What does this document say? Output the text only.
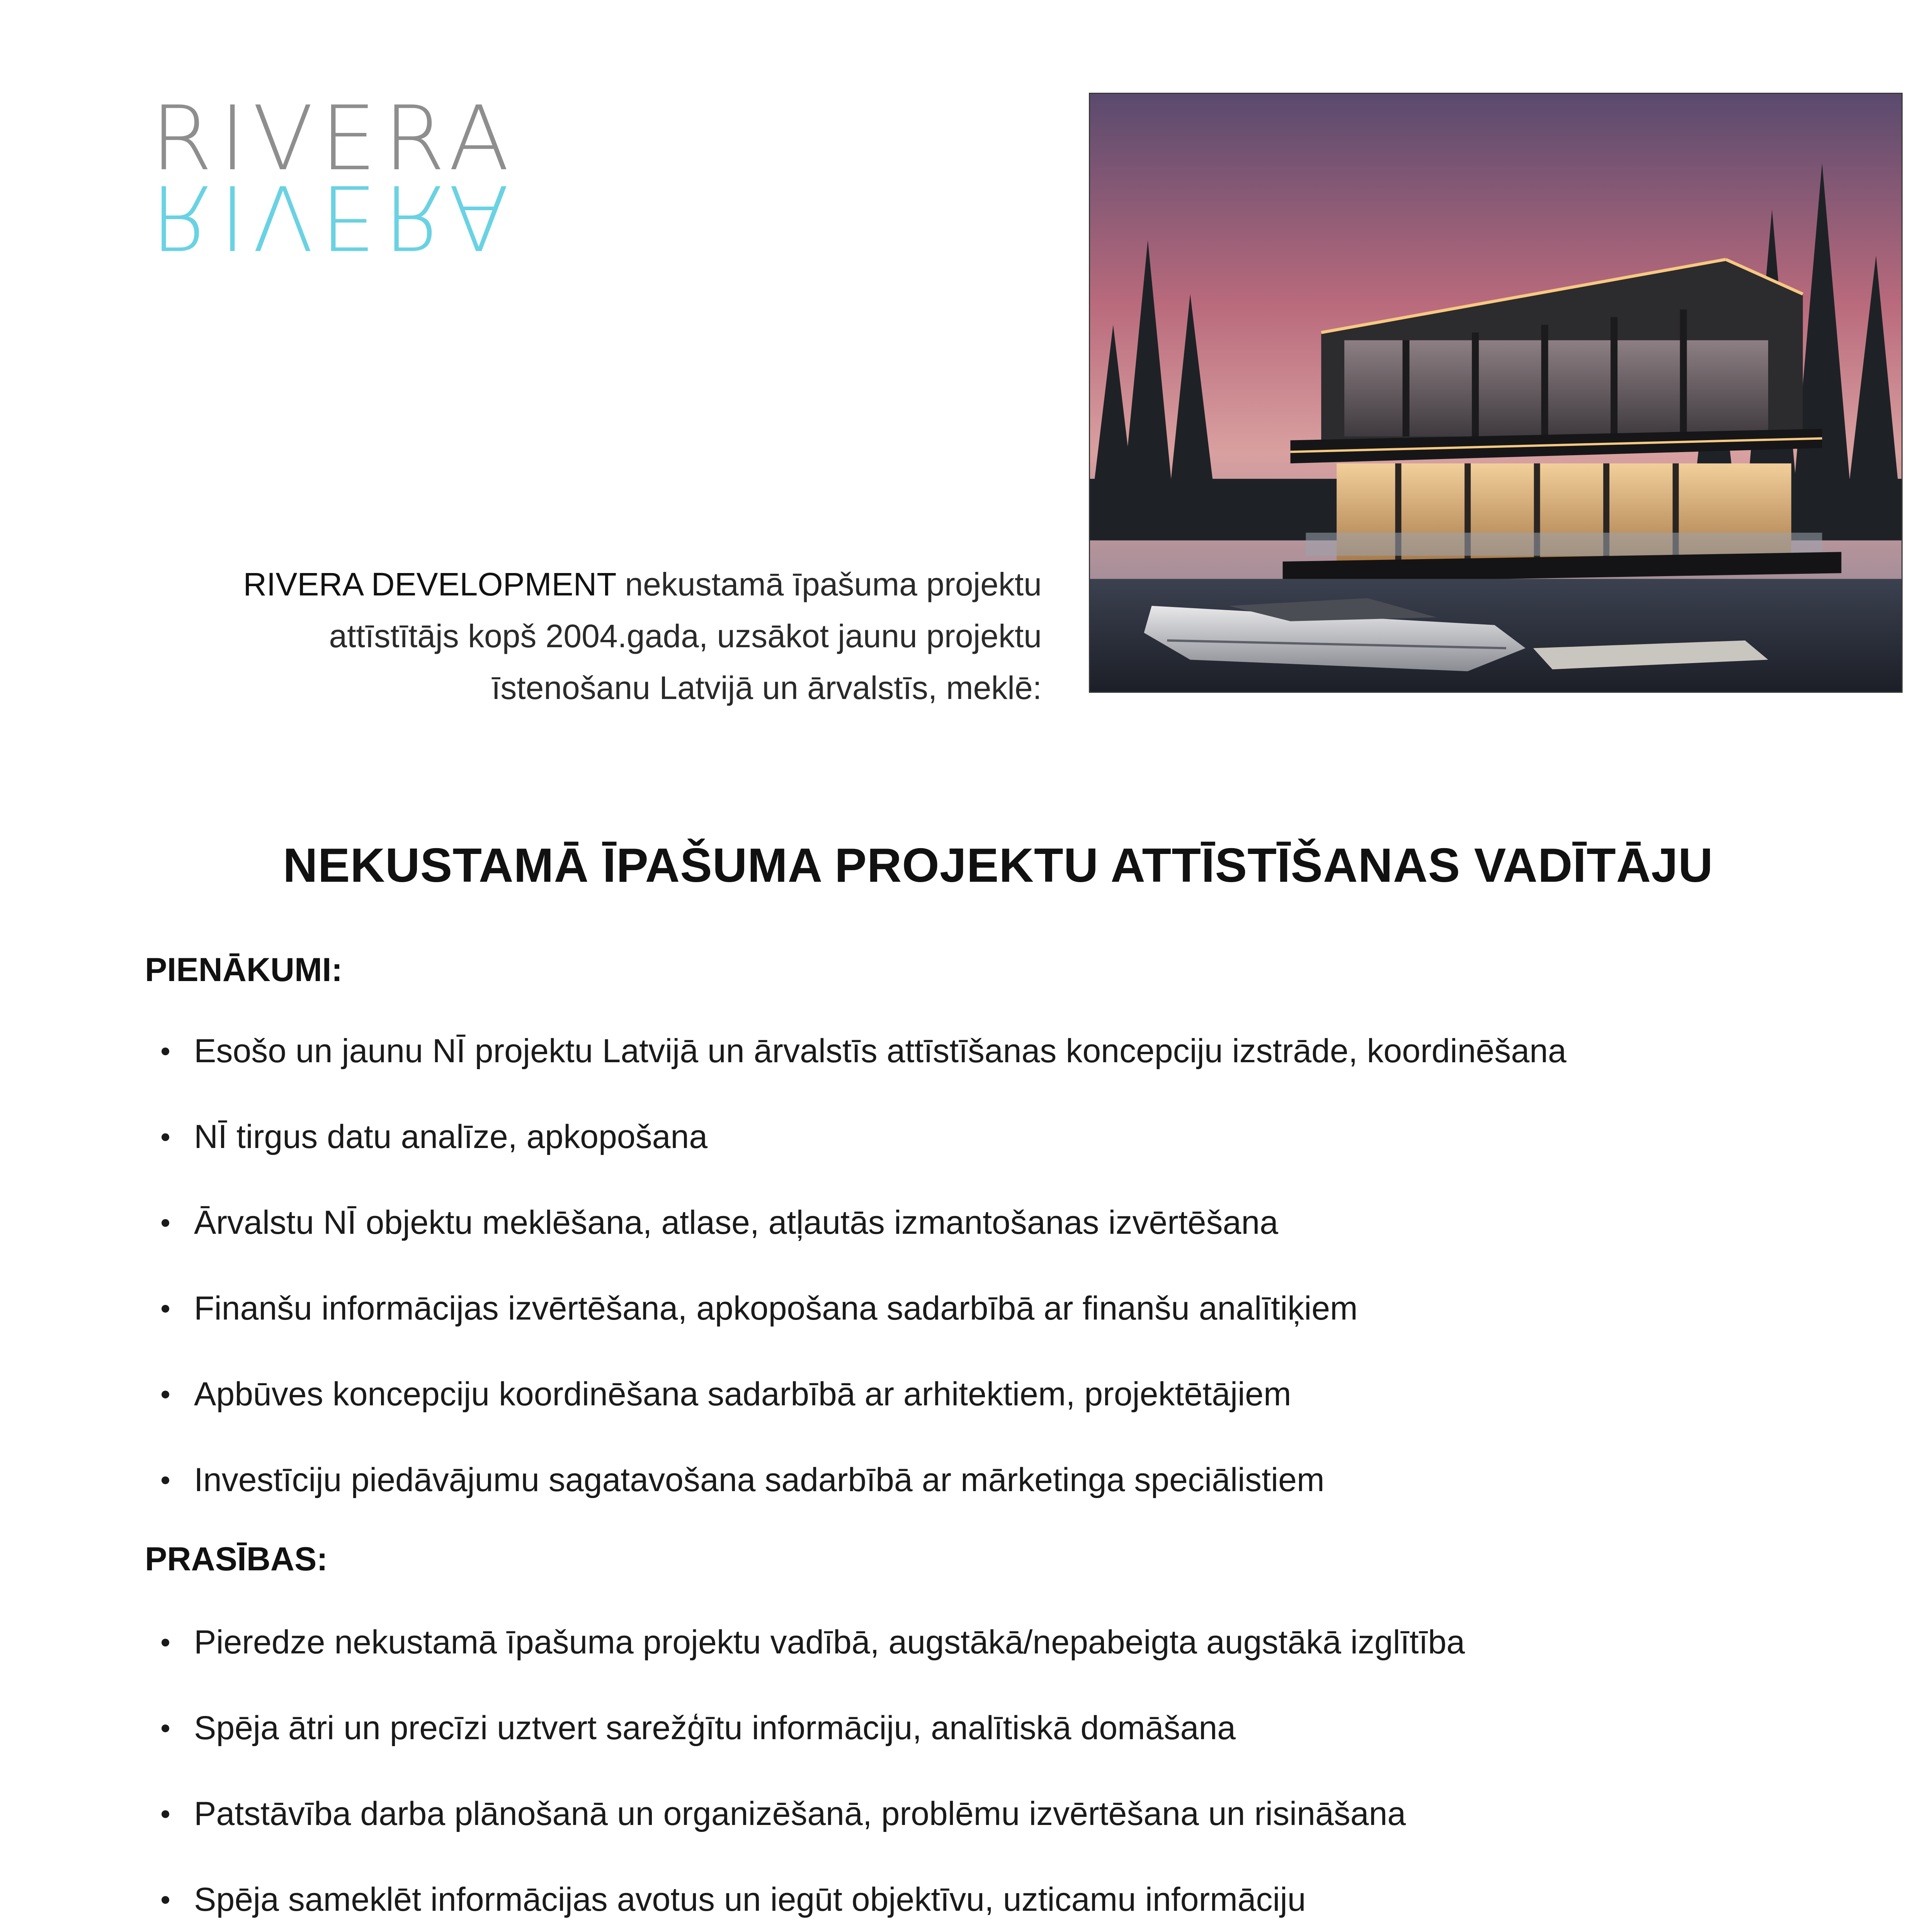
RIVERA
RIVERA
RIVERA DEVELOPMENT nekustamā īpašuma projektu
attīstītājs kopš 2004.gada, uzsākot jaunu projektu
īstenošanu Latvijā un ārvalstīs, meklē:
NEKUSTAMĀ ĪPAŠUMA PROJEKTU ATTĪSTĪŠANAS VADĪTĀJU
PIENĀKUMI:
Esošo un jaunu NĪ projektu Latvijā un ārvalstīs attīstīšanas koncepciju izstrāde, koordinēšana
NĪ tirgus datu analīze, apkopošana
Ārvalstu NĪ objektu meklēšana, atlase, atļautās izmantošanas izvērtēšana
Finanšu informācijas izvērtēšana, apkopošana sadarbībā ar finanšu analītiķiem
Apbūves koncepciju koordinēšana sadarbībā ar arhitektiem, projektētājiem
Investīciju piedāvājumu sagatavošana sadarbībā ar mārketinga speciālistiem
PRASĪBAS:
Pieredze nekustamā īpašuma projektu vadībā, augstākā/nepabeigta augstākā izglītība
Spēja ātri un precīzi uztvert sarežģītu informāciju, analītiskā domāšana
Patstāvība darba plānošanā un organizēšanā, problēmu izvērtēšana un risināšana
Spēja sameklēt informācijas avotus un iegūt objektīvu, uzticamu informāciju
